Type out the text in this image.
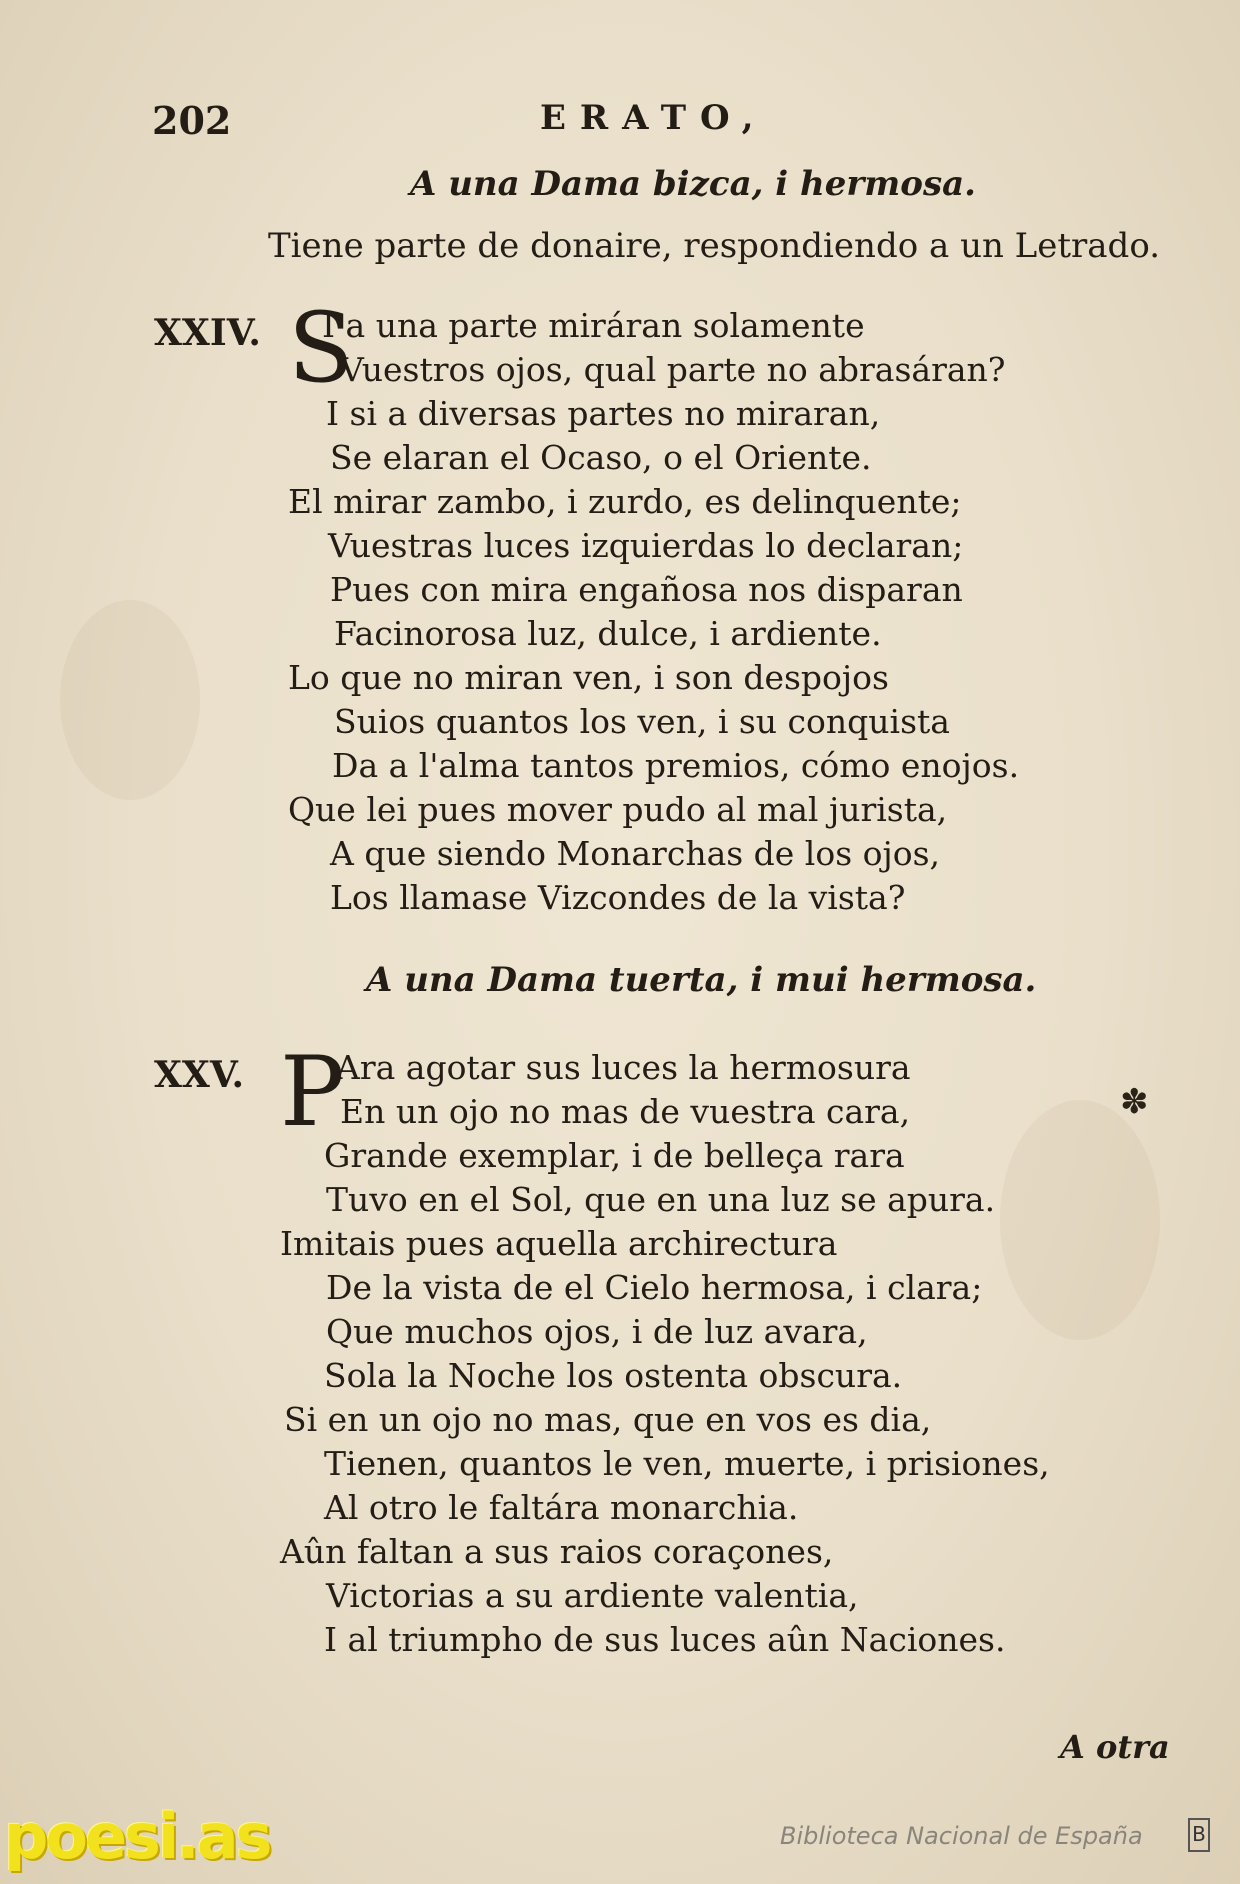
202	ERATO,
A una Dama bizca, i hermosa.
Tiene parte de donaire, respondiendo a un Letrado.
XXIV. S
I a una parte miráran solamente
Vuestros ojos, qual parte no abrasáran?
I si a diversas partes no miraran,
Se elaran el Ocaso, o el Oriente.
El mirar zambo, i zurdo, es delinquente;
Vuestras luces izquierdas lo declaran;
Pues con mira engañosa nos disparan
Facinorosa luz, dulce, i ardiente.
Lo que no miran ven, i son despojos
Suios quantos los ven, i su conquista
Da a l'alma tantos premios, cómo enojos.
Que lei pues mover pudo al mal jurista,
A que siendo Monarchas de los ojos,
Los llamase Vizcondes de la vista?
A una Dama tuerta, i mui hermosa.
XXV. P
Ara agotar sus luces la hermosura
En un ojo no mas de vuestra cara,
Grande exemplar, i de belleça rara
Tuvo en el Sol, que en una luz se apura.
Imitais pues aquella archirectura
De la vista de el Cielo hermosa, i clara;
Que muchos ojos, i de luz avara,
Sola la Noche los ostenta obscura.
Si en un ojo no mas, que en vos es dia,
Tienen, quantos le ven, muerte, i prisiones,
Al otro le faltára monarchia.
Aûn faltan a sus raios coraçones,
Victorias a su ardiente valentia,
I al triumpho de sus luces aûn Naciones.
✽
A otra
poesi.as	Biblioteca Nacional de España B
